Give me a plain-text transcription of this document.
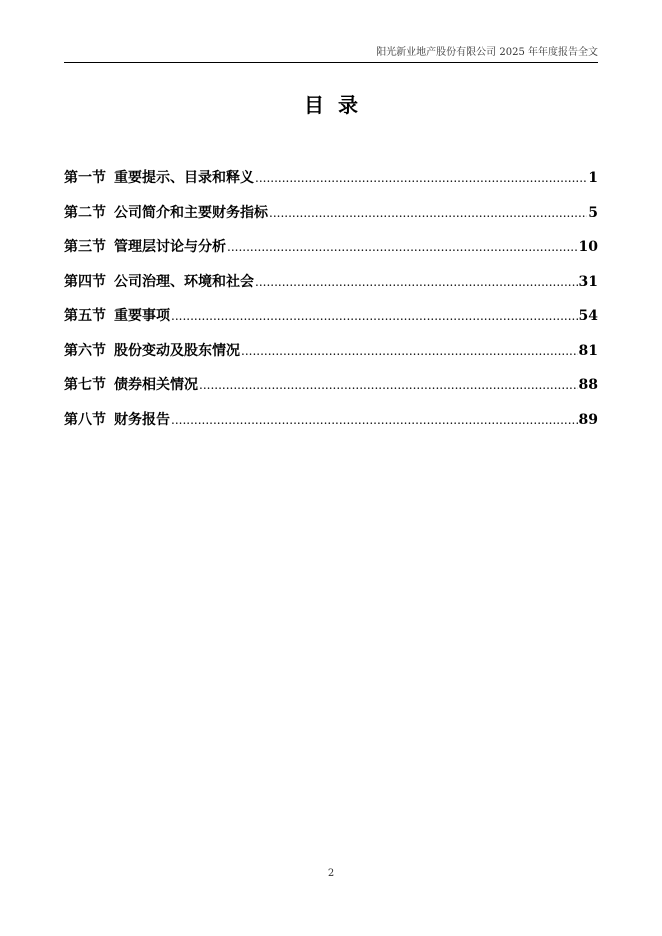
阳光新业地产股份有限公司 2025 年年度报告全文
目录
第一节 重要提示、目录和释义 .....	1
第二节 公司简介和主要财务指标 .....	5
第三节 管理层讨论与分析 .....	10
第四节 公司治理、环境和社会 .....	31
第五节 重要事项 .....	54
第六节 股份变动及股东情况 .....	81
第七节 债券相关情况 .....	88
第八节 财务报告 .....	89
2
